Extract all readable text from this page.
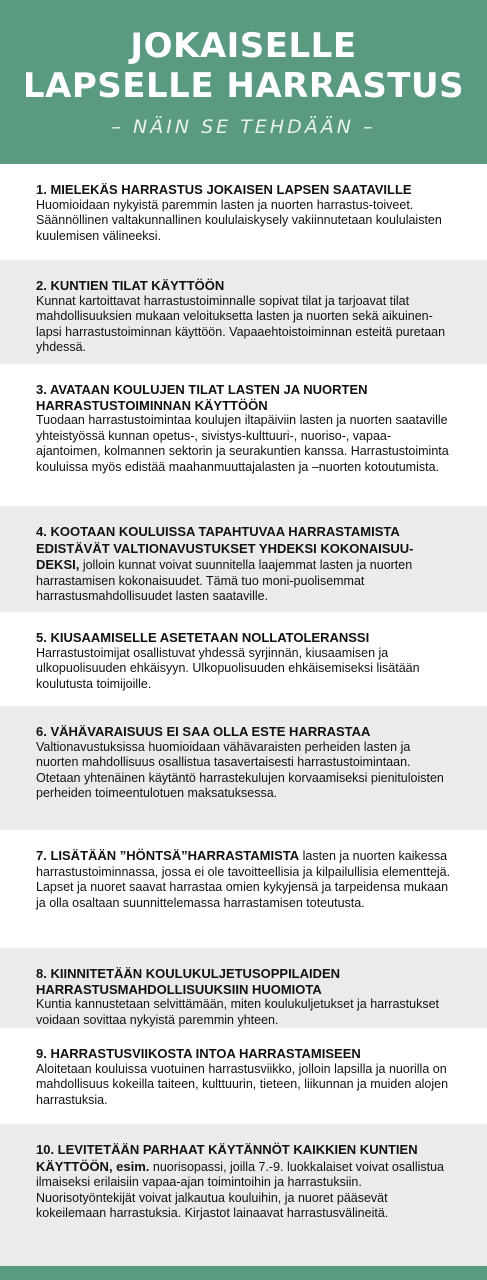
JOKAISELLE
LAPSELLE HARRASTUS
– NÄIN SE TEHDÄÄN –
1. MIELEKÄS HARRASTUS JOKAISEN LAPSEN SAATAVILLE
Huomioidaan nykyistä paremmin lasten ja nuorten harrastus-toiveet. Säännöllinen valtakunnallinen koululaiskysely vakiinnutetaan koululaisten kuulemisen välineeksi.
2. KUNTIEN TILAT KÄYTTÖÖN
Kunnat kartoittavat harrastustoiminnalle sopivat tilat ja tarjoavat tilat mahdollisuuksien mukaan veloituksetta lasten ja nuorten sekä aikuinen-lapsi harrastustoiminnan käyttöön. Vapaaehtoistoiminnan esteitä puretaan yhdessä.
3. AVATAAN KOULUJEN TILAT LASTEN JA NUORTEN HARRASTUSTOIMINNAN KÄYTTÖÖN
Tuodaan harrastustoimintaa koulujen iltapäiviin lasten ja nuorten saataville yhteistyössä kunnan opetus-, sivistys-kulttuuri-, nuoriso-, vapaa-ajantoimen, kolmannen sektorin ja seurakuntien kanssa. Harrastustoiminta kouluissa myös edistää maahanmuuttajalasten ja –nuorten kotoutumista.
4. KOOTAAN KOULUISSA TAPAHTUVAA HARRASTAMISTA EDISTÄVÄT VALTIONAVUSTUKSET YHDEKSI KOKONAISUU-DEKSI, jolloin kunnat voivat suunnitella laajemmat lasten ja nuorten harrastamisen kokonaisuudet. Tämä tuo moni-puolisemmat harrastusmahdollisuudet lasten saataville.
5. KIUSAAMISELLE ASETETAAN NOLLATOLERANSSI
Harrastustoimijat osallistuvat yhdessä syrjinnän, kiusaamisen ja ulkopuolisuuden ehkäisyyn. Ulkopuolisuuden ehkäisemiseksi lisätään koulutusta toimijoille.
6. VÄHÄVARAISUUS EI SAA OLLA ESTE HARRASTAA
Valtionavustuksissa huomioidaan vähävaraisten perheiden lasten ja nuorten mahdollisuus osallistua tasavertaisesti harrastustoimintaan. Otetaan yhtenäinen käytäntö harrastekulujen korvaamiseksi pienituloisten perheiden toimeentulotuen maksatuksessa.
7. LISÄTÄÄN ”HÖNTSÄ”HARRASTAMISTA lasten ja nuorten kaikessa harrastustoiminnassa, jossa ei ole tavoitteellisia ja kilpailullisia elementtejä. Lapset ja nuoret saavat harrastaa omien kykyjensä ja tarpeidensa mukaan ja olla osaltaan suunnittelemassa harrastamisen toteutusta.
8. KIINNITETÄÄN KOULUKULJETUSOPPILAIDEN HARRASTUSMAHDOLLISUUKSIIN HUOMIOTA
Kuntia kannustetaan selvittämään, miten koulukuljetukset ja harrastukset voidaan sovittaa nykyistä paremmin yhteen.
9. HARRASTUSVIIKOSTA INTOA HARRASTAMISEEN
Aloitetaan kouluissa vuotuinen harrastusviikko, jolloin lapsilla ja nuorilla on mahdollisuus kokeilla taiteen, kulttuurin, tieteen, liikunnan ja muiden alojen harrastuksia.
10. LEVITETÄÄN PARHAAT KÄYTÄNNÖT KAIKKIEN KUNTIEN KÄYTTÖÖN, esim. nuorisopassi, joilla 7.-9. luokkalaiset voivat osallistua ilmaiseksi erilaisiin vapaa-ajan toimintoihin ja harrastuksiin. Nuorisotyöntekijät voivat jalkautua kouluihin, ja nuoret pääsevät kokeilemaan harrastuksia. Kirjastot lainaavat harrastusvälineitä.
